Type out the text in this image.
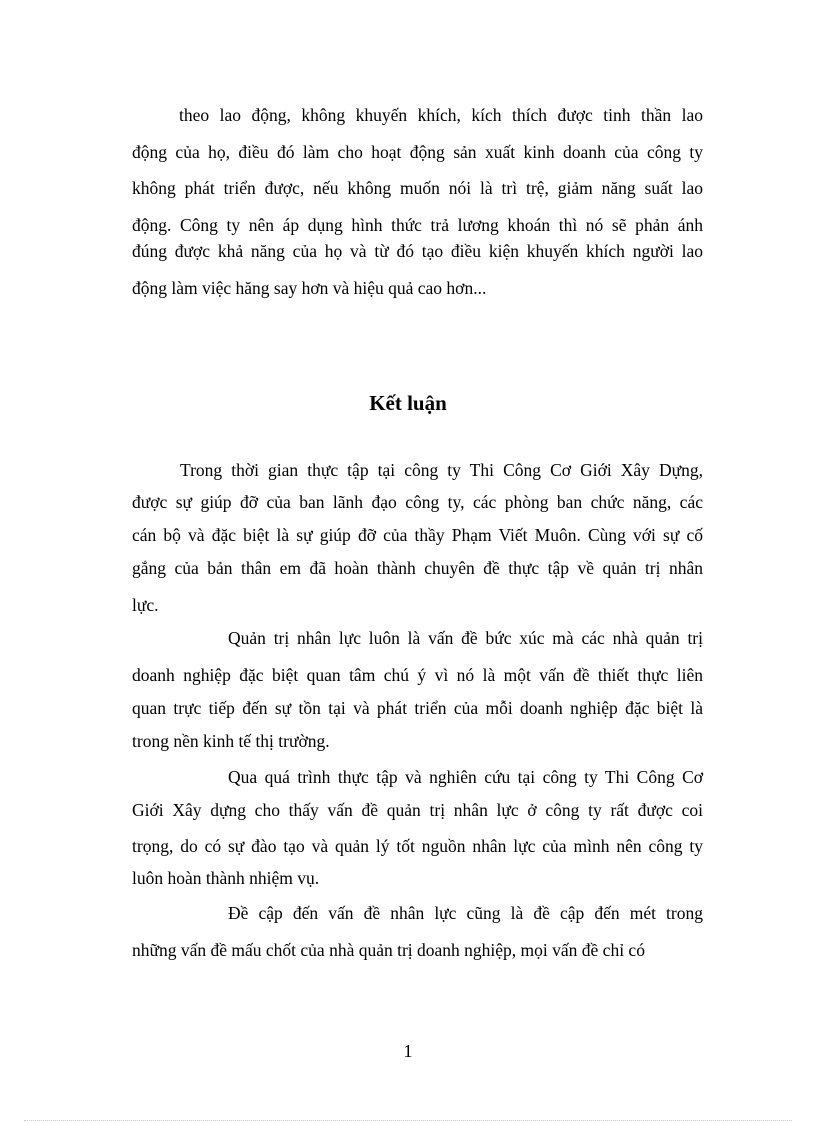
theo lao động, không khuyến khích, kích thích được tinh thần lao
động của họ, điều đó làm cho hoạt động sản xuất kinh doanh của công ty
không phát triển được, nếu không muốn nói là trì trệ, giảm năng suất lao
động. Công ty nên áp dụng hình thức trả lương khoán thì nó sẽ phản ánh
đúng được khả năng của họ và từ đó tạo điều kiện khuyến khích người lao
động làm việc hăng say hơn và hiệu quả cao hơn...
Kết luận
Trong thời gian thực tập tại công ty Thi Công Cơ Giới Xây Dựng,
được sự giúp đỡ của ban lãnh đạo công ty, các phòng ban chức năng, các
cán bộ và đặc biệt là sự giúp đỡ của thầy Phạm Viết Muôn. Cùng với sự cố
gắng của bản thân em đã hoàn thành chuyên đề thực tập về quản trị nhân
lực.
Quản trị nhân lực luôn là vấn đề bức xúc mà các nhà quản trị
doanh nghiệp đặc biệt quan tâm chú ý vì nó là một vấn đề thiết thực liên
quan trực tiếp đến sự tồn tại và phát triển của mỗi doanh nghiệp đặc biệt là
trong nền kinh tế thị trường.
Qua quá trình thực tập và nghiên cứu tại công ty Thi Công Cơ
Giới Xây dựng cho thấy vấn đề quản trị nhân lực ở công ty rất được coi
trọng, do có sự đào tạo và quản lý tốt nguồn nhân lực của mình nên công ty
luôn hoàn thành nhiệm vụ.
Đề cập đến vấn đề nhân lực cũng là đề cập đến mét trong
những vấn đề mấu chốt của nhà quản trị doanh nghiệp, mọi vấn đề chỉ có
1
